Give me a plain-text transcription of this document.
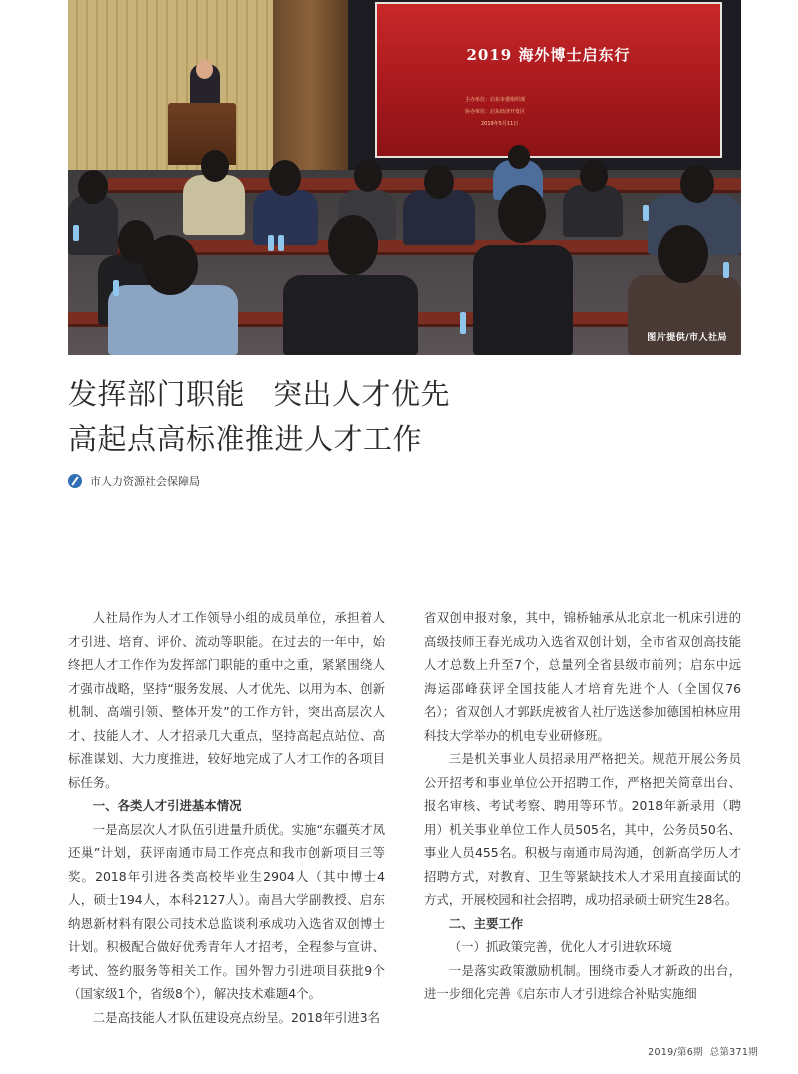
2019 海外博士启东行
主办单位：启东市委组织部
协办单位：启东经济开发区
2019年5月11日
图片提供/市人社局
发挥部门职能 突出人才优先
高起点高标准推进人才工作
市人力资源社会保障局

人社局作为人才工作领导小组的成员单位，承担着人才引进、培育、评价、流动等职能。在过去的一年中，始终把人才工作作为发挥部门职能的重中之重，紧紧围绕人才强市战略，坚持“服务发展、人才优先、以用为本、创新机制、高端引领、整体开发”的工作方针，突出高层次人才、技能人才、人才招录几大重点，坚持高起点站位、高标准谋划、大力度推进，较好地完成了人才工作的各项目标任务。

一、各类人才引进基本情况

一是高层次人才队伍引进量升质优。实施“东疆英才凤还巢”计划，获评南通市局工作亮点和我市创新项目三等奖。2018年引进各类高校毕业生2904人（其中博士4人，硕士194人，本科2127人）。南昌大学副教授、启东纳恩新材料有限公司技术总监谈利承成功入选省双创博士计划。积极配合做好优秀青年人才招考，全程参与宣讲、考试、签约服务等相关工作。国外智力引进项目获批9个（国家级1个，省级8个），解决技术难题4个。

二是高技能人才队伍建设亮点纷呈。2018年引进3名

省双创申报对象，其中，锦桥轴承从北京北一机床引进的高级技师王春光成功入选省双创计划，全市省双创高技能人才总数上升至7个，总量列全省县级市前列；启东中远海运邵峰获评全国技能人才培育先进个人（全国仅76名）；省双创人才郭跃虎被省人社厅选送参加德国柏林应用科技大学举办的机电专业研修班。

三是机关事业人员招录用严格把关。规范开展公务员公开招考和事业单位公开招聘工作，严格把关简章出台、报名审核、考试考察、聘用等环节。2018年新录用（聘用）机关事业单位工作人员505名，其中，公务员50名、事业人员455名。积极与南通市局沟通，创新高学历人才招聘方式，对教育、卫生等紧缺技术人才采用直接面试的方式，开展校园和社会招聘，成功招录硕士研究生28名。

二、主要工作

（一）抓政策完善，优化人才引进软环境

一是落实政策激励机制。围绕市委人才新政的出台，进一步细化完善《启东市人才引进综合补贴实施细

2019/第6期 总第371期
